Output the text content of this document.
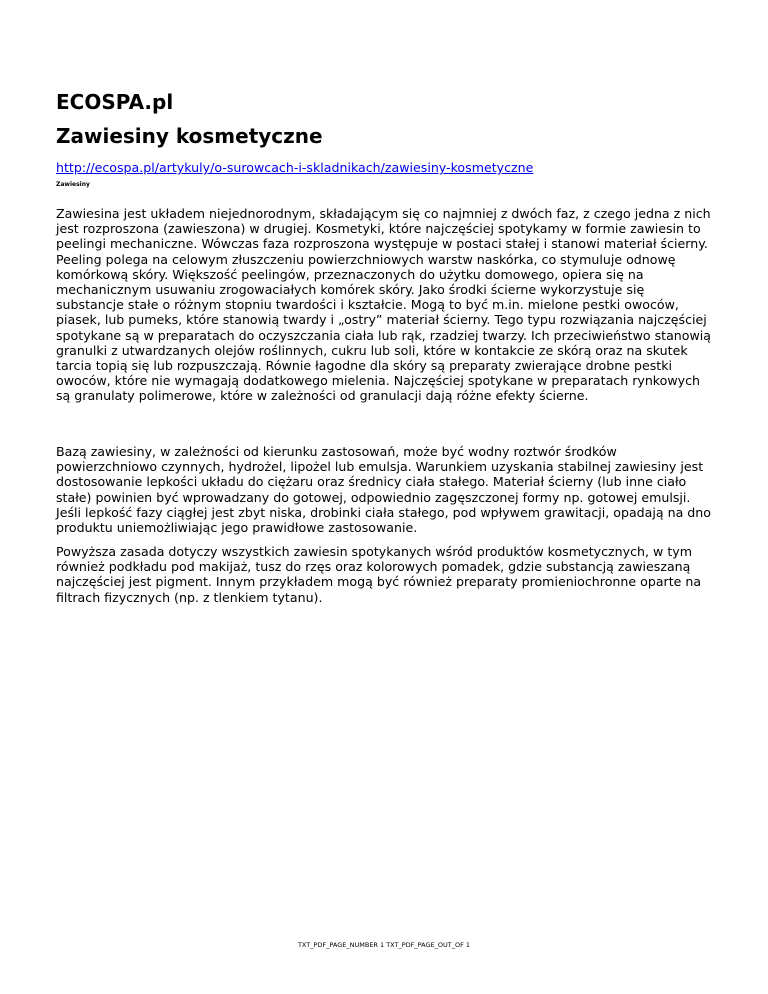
ECOSPA.pl
Zawiesiny kosmetyczne
http://ecospa.pl/artykuly/o-surowcach-i-skladnikach/zawiesiny-kosmetyczne
Zawiesiny

Zawiesina jest układem niejednorodnym, składającym się co najmniej z dwóch faz, z czego jedna z nich jest rozproszona (zawieszona) w drugiej. Kosmetyki, które najczęściej spotykamy w formie zawiesin to peelingi mechaniczne. Wówczas faza rozproszona występuje w postaci stałej i stanowi materiał ścierny.
Peeling polega na celowym złuszczeniu powierzchniowych warstw naskórka, co stymuluje odnowę komórkową skóry. Większość peelingów, przeznaczonych do użytku domowego, opiera się na mechanicznym usuwaniu zrogowaciałych komórek skóry. Jako środki ścierne wykorzystuje się substancje stałe o różnym stopniu twardości i kształcie. Mogą to być m.in. mielone pestki owoców, piasek, lub pumeks, które stanowią twardy i „ostry” materiał ścierny. Tego typu rozwiązania najczęściej spotykane są w preparatach do oczyszczania ciała lub rąk, rzadziej twarzy. Ich przeciwieństwo stanowią granulki z utwardzanych olejów roślinnych, cukru lub soli, które w kontakcie ze skórą oraz na skutek tarcia topią się lub rozpuszczają. Równie łagodne dla skóry są preparaty zwierające drobne pestki owoców, które nie wymagają dodatkowego mielenia. Najczęściej spotykane w preparatach rynkowych są granulaty polimerowe, które w zależności od granulacji dają różne efekty ścierne.

Bazą zawiesiny, w zależności od kierunku zastosowań, może być wodny roztwór środków powierzchniowo czynnych, hydrożel, lipożel lub emulsja. Warunkiem uzyskania stabilnej zawiesiny jest dostosowanie lepkości układu do ciężaru oraz średnicy ciała stałego. Materiał ścierny (lub inne ciało stałe) powinien być wprowadzany do gotowej, odpowiednio zagęszczonej formy np. gotowej emulsji. Jeśli lepkość fazy ciągłej jest zbyt niska, drobinki ciała stałego, pod wpływem grawitacji, opadają na dno produktu uniemożliwiając jego prawidłowe zastosowanie.

Powyższa zasada dotyczy wszystkich zawiesin spotykanych wśród produktów kosmetycznych, w tym również podkładu pod makijaż, tusz do rzęs oraz kolorowych pomadek, gdzie substancją zawieszaną najczęściej jest pigment. Innym przykładem mogą być również preparaty promieniochronne oparte na filtrach fizycznych (np. z tlenkiem tytanu).

TXT_PDF_PAGE_NUMBER 1 TXT_PDF_PAGE_OUT_OF 1
